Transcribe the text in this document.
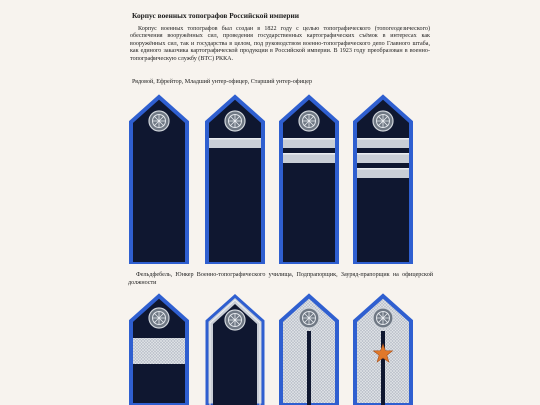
Корпус военных топографов Российской империи
Корпус военных топографов был создан в 1822 году с целью топографического (топогеодезического) обеспечения вооружённых сил, проведения государственных картографических съёмок в интересах как вооружённых сил, так и государства в целом, под руководством военно-топографического депо Главного штаба, как единого заказчика картографической продукции в Российской империи. В 1923 году преобразован в военно-топографическую службу (ВТС) РККА.
Рядовой, Ефрейтор, Младший унтер-офицер, Старший унтер-офицер
Фельдфебель, Юнкер Военно-топографического училища, Подпрапорщик, Зауряд-прапорщик на офицерской должности
